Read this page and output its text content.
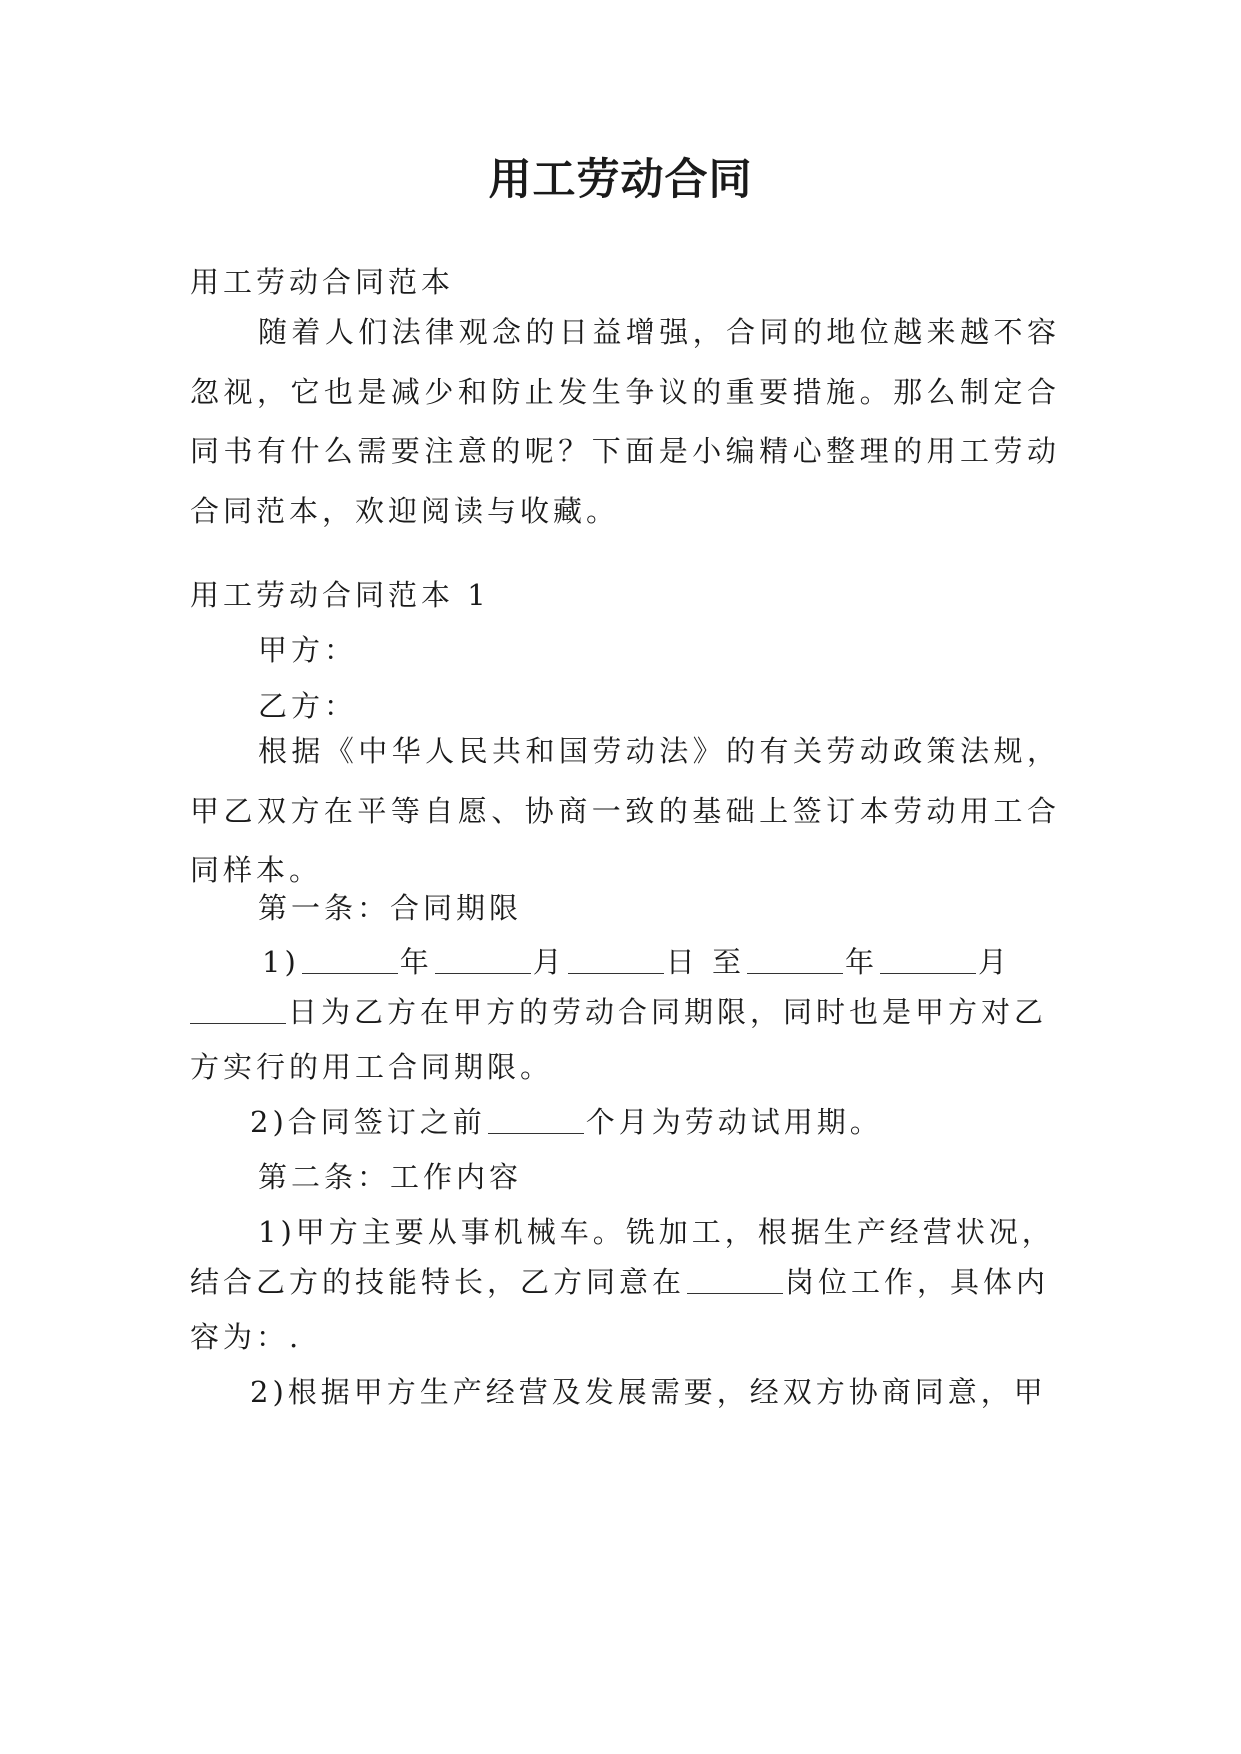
用工劳动合同
用工劳动合同范本
随着人们法律观念的日益增强，合同的地位越来越不容忽视，它也是减少和防止发生争议的重要措施。那么制定合同书有什么需要注意的呢？下面是小编精心整理的用工劳动合同范本，欢迎阅读与收藏。
用工劳动合同范本 1
甲方：
乙方：
根据《中华人民共和国劳动法》的有关劳动政策法规，甲乙双方在平等自愿、协商一致的基础上签订本劳动用工合同样本。
第一条：合同期限
1)	年	月	日 至	年	月
日为乙方在甲方的劳动合同期限，同时也是甲方对乙
方实行的用工合同期限。
2)合同签订之前	个月为劳动试用期。
第二条：工作内容
1)甲方主要从事机械车。铣加工，根据生产经营状况，
结合乙方的技能特长，乙方同意在	岗位工作，具体内
容为：.
2)根据甲方生产经营及发展需要，经双方协商同意，甲
